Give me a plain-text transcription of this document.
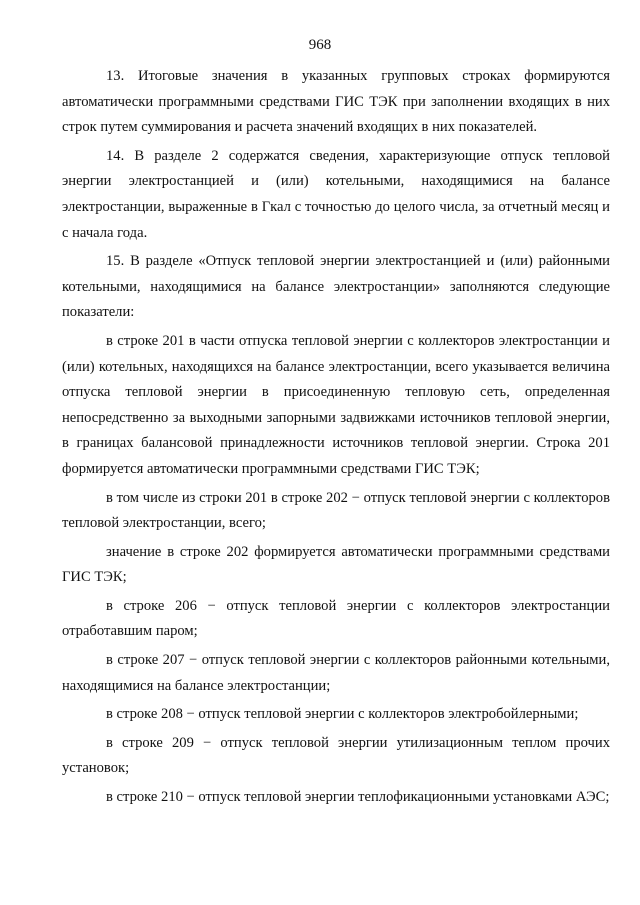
968

13. Итоговые значения в указанных групповых строках формируются автоматически программными средствами ГИС ТЭК при заполнении входящих в них строк путем суммирования и расчета значений входящих в них показателей.

14. В разделе 2 содержатся сведения, характеризующие отпуск тепловой энергии электростанцией и (или) котельными, находящимися на балансе электростанции, выраженные в Гкал с точностью до целого числа, за отчетный месяц и с начала года.

15. В разделе «Отпуск тепловой энергии электростанцией и (или) районными котельными, находящимися на балансе электростанции» заполняются следующие показатели:

в строке 201 в части отпуска тепловой энергии с коллекторов электростанции и (или) котельных, находящихся на балансе электростанции, всего указывается величина отпуска тепловой энергии в присоединенную тепловую сеть, определенная непосредственно за выходными запорными задвижками источников тепловой энергии, в границах балансовой принадлежности источников тепловой энергии. Строка 201 формируется автоматически программными средствами ГИС ТЭК;

в том числе из строки 201 в строке 202 − отпуск тепловой энергии с коллекторов тепловой электростанции, всего;

значение в строке 202 формируется автоматически программными средствами ГИС ТЭК;

в строке 206 − отпуск тепловой энергии с коллекторов электростанции отработавшим паром;

в строке 207 − отпуск тепловой энергии с коллекторов районными котельными, находящимися на балансе электростанции;

в строке 208 − отпуск тепловой энергии с коллекторов электробойлерными;

в строке 209 − отпуск тепловой энергии утилизационным теплом прочих установок;

в строке 210 − отпуск тепловой энергии теплофикационными установками АЭС;
